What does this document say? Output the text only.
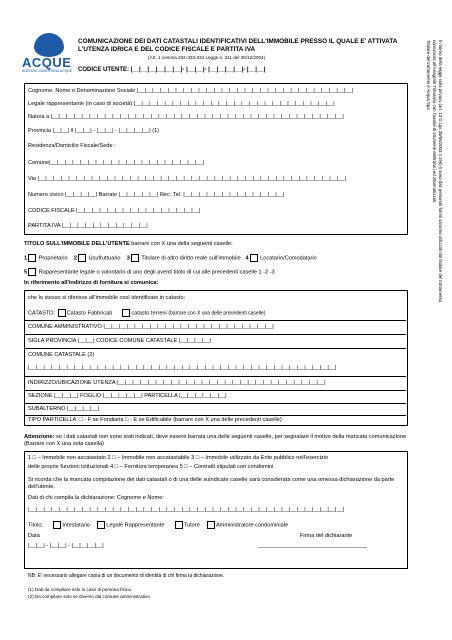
ACQUE
AGENZIA CASERTANA ACQUE
COMUNICAZIONE DEI DATI CATASTALI IDENTIFICATIVI DELL'IMMOBILE PRESSO IL QUALE E' ATTIVATA L'UTENZA IDRICA E DEL CODICE FISCALE E PARTITA IVA
(Art. 1 comma 332-333-334 Legge n. 311 del 30/12/2004)
CODICE UTENTE: |__|__|__|__|__|__|- |__|__|- |__|__|__|__|- |__|__|
Cognome, Nome o Denominazione Sociale |__|__|__|__|__|__|__|__|__|__|__|__|__|__|__|__|__|__|__|__|__|__|__|__|__|__|__|__|
Legale rappresentante (in caso di società) |__|__|__|__|__|__|__|__|__|__|__|__|__|__|__|__|__|__|__|__|__|__|__|__|__|__|
Nato/a a |__|__|__|__|__|__|__|__|__|__|__|__|__|__|__|__|__|__|__|__|__|__|__|__|__|__|__|__|__|__|__|__|__|__|__|__|__|__|
Provincia |__|__| il |__|__| - |__|__| - |__|__|__|__| (1)
Residenza/Domicilio Fiscale/Sede :
Comune|__|__|__|__|__|__|__|__|__|__|__|__|__|__|__|__|__|__|__|__|
Via |__|__|__|__|__|__|__|__|__|__|__|__|__|__|__|__|__|__|__|__|__|__|__|__|__|__|__|__|__|__|__|__|__|__|__|__|__|__|__|__|
Numero civico |__|__|__|__| Barrato |__|__|__|__|__| Rec. Tel. |__|__|__|__|__|__|__|__|__|__|__|__|__|
CODICE FISCALE |__|__|__|__|__|__|__|__|__|__|__|__|__|__|__|__|
PARTITA IVA |__|__|__|__|__|__|__|__|__|__|__|
TITOLO SULL'IMMOBILE DELL'UTENTE barrare con X una della seguenti caselle:
1 Proprietario 2 Usufruttuario 3 Titolare di altro diritto reale sull'immobile 4 Locatario/Comodatario
5 Rappresentante legale o volontario di uno degli aventi titolo di cui alle precedenti caselle 1 -2 -3
In riferimento all'indirizzo di fornitura si comunica:
che lo stesso si riferisce all'immobile così identificato in catasto:
CATASTO: Catasto Fabbricati	catasto terreni (barrare con X una delle precedenti caselle)
COMUNE AMMINISTRATIVO |__|__|__|__|__|__|__|__|__|__|__|__|__|__|__|__|__|__|__|__|__|__|
SIGLA PROVINCIA |__|__| CODICE COMUNE CATASTALE |__|__|__|__|
COMUNE CATASTALE (2)
|__|__|__|__|__|__|__|__|__|__|__|__|__|__|__|__|__|__|__|__|__|__|__|__|__|__|__|__|__|__|__|__|__|__|__|__|__|__|__|__|
INDIRIZZO/UBICAZIONE UTENZA |__|__|__|__|__|__|__|__|__|__|__|__|__|__|__|__|__|__|__|__|__|__|__|__|__|__|__|
SEZIONE |__|__|__| FOGLIO |__|__|__|__|__| PARTICELLA |__|__|__|__|__|__|
SUBALTERNO |__|__|__|__|
TIPO PARTICELLA: □ - F se Fondiaria □ - E se Edificabile (barrare con X una delle precedenti caselle)
Attenzione: se i dati catastali non sono stati indicati, deve essere barrata una delle seguenti caselle, per segnalare il motivo della mancata comunicazione (Barrare con X una sola casella)
1 □ – Immobile non accatastato 2 □ – Immobile non accatastabile 3 □ – Immobile utilizzato da Ente pubblico nell'esercizio
delle proprie funzioni istituzionali 4 □ – Fornitura temporanea 5 □ – Contratti stipulati con condomini
Si ricorda che la mancata compilazione dei dati catastali o di una delle suindicate caselle sarà considerata come una omessa dichiarazione da parte dell'utente.
Dati di chi compila la dichiarazione: Cognome e Nome:
|__|__|__|__|__|__|__|__|__|__|__|__|__|__|__|__|__|__|__|__|__|__|__|__|__|__|__|__|__|__|__|__|__|__|__|__|__|__|__|__|__|
Titolo:	Intestatario	Legale Rappresentante	Tutore	Amministratore condominiale
Data	Firma del dichiarante
|__|__| - |__|__| - |__|__|__|__|	___________________________________
NB: E' necessario allegare copia di un documento di identità di chi firma la dichiarazione.
(1) Dati da compilare solo in caso di persona fisica
(2) Da compilare solo se diverso dal comune amministrativo
Il ritorno della legge sulla privacy (art. 13 D.Lgs 30/06/2003 n.196) ti sono dati personali forniti saranno utilizzati dal titolare del trattamento
comunicati all'Anagrafe Tributaria con l'ausilio di strumenti elettronici ed informatizzati.
Titolare del trattamento è Acqua Spa
